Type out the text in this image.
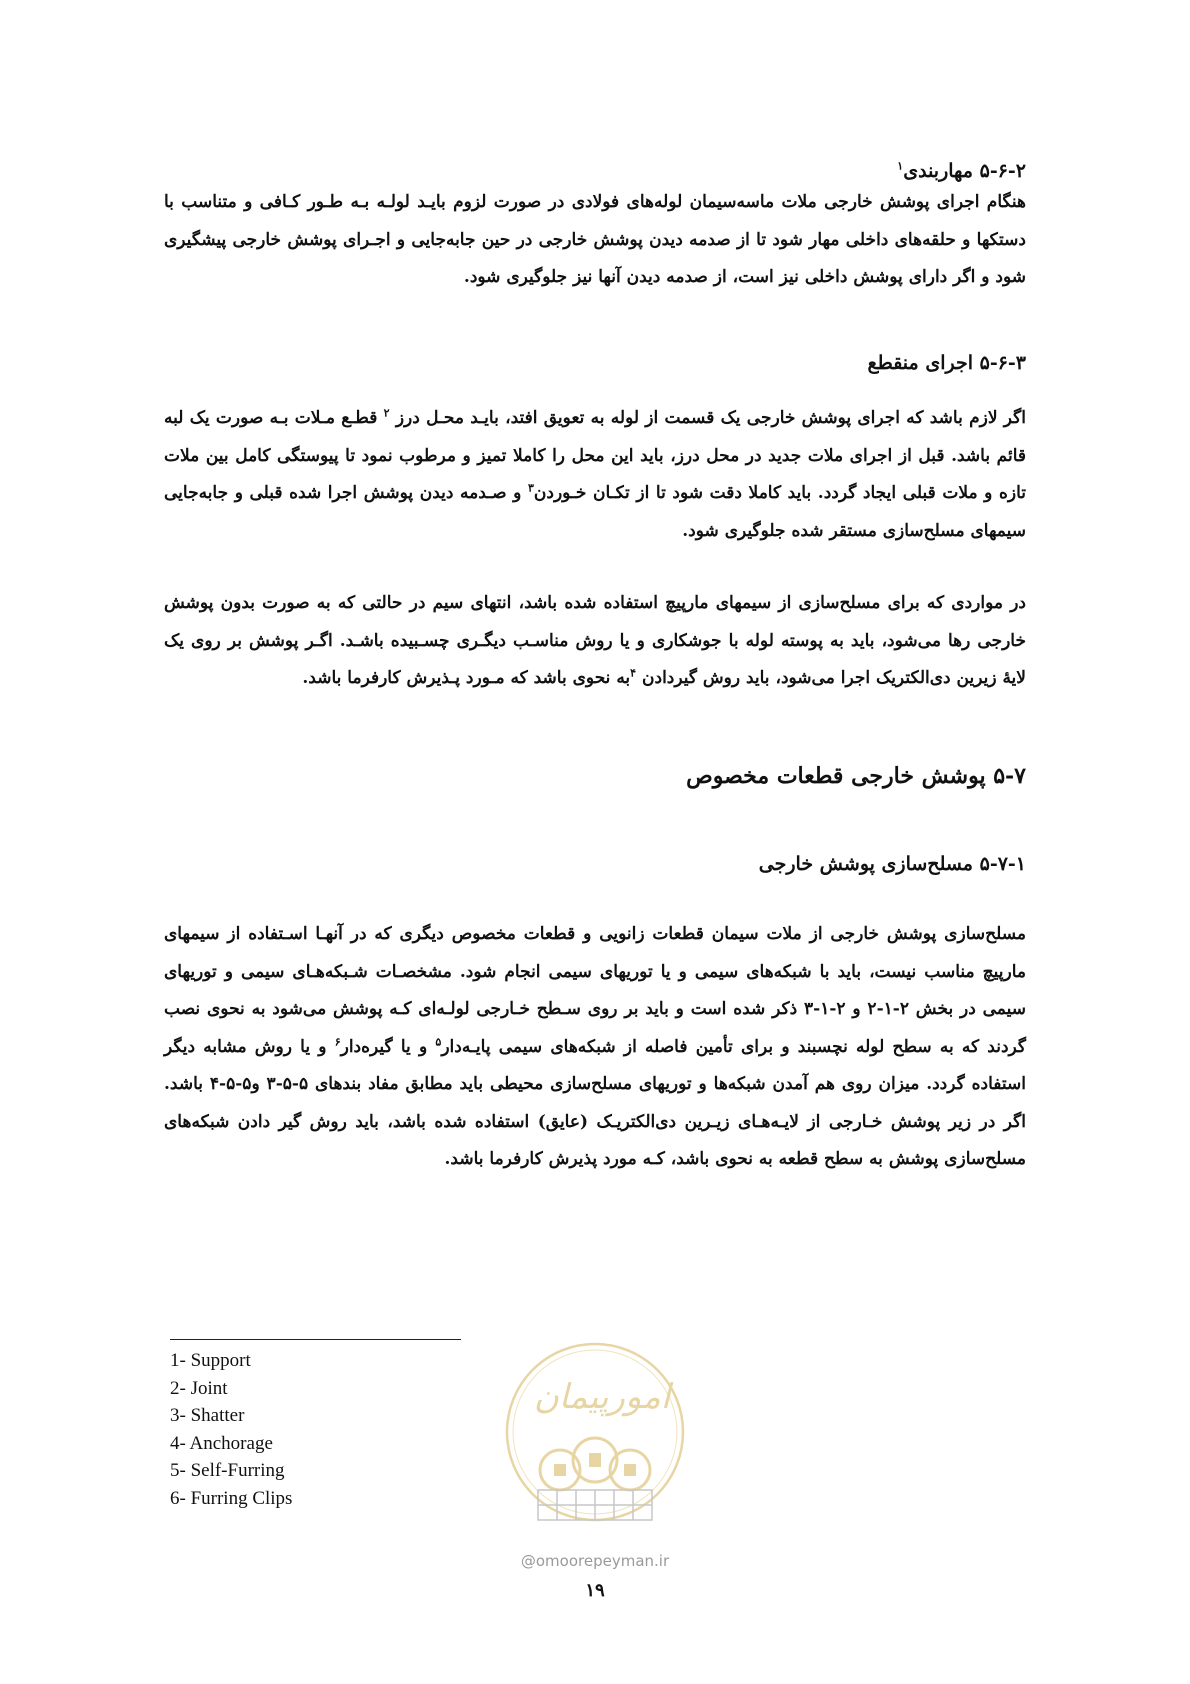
۵-۶-۲ مهاربندی$^۱$

هنگام اجرای پوشش خارجی ملات ماسه‌سیمان لوله‌های فولادی در صورت لزوم بایـد لولـه بـه طـور کـافی و متناسب با دستکها و حلقه‌های داخلی مهار شود تا از صدمه دیدن پوشش خارجی در حین جابه‌جایی و اجـرای پوشش خارجی پیشگیری شود و اگر دارای پوشش داخلی نیز است، از صدمه دیدن آنها نیز جلوگیری شود.

۵-۶-۳ اجرای منقطع

اگر لازم باشد که اجرای پوشش خارجی یک قسمت از لوله به تعویق افتد، بایـد محـل درز $^۲$ قطـع مـلات بـه صورت یک لبه قائم باشد. قبل از اجرای ملات جدید در محل درز، باید این محل را کاملا تمیز و مرطوب نمود تا پیوستگی کامل بین ملات تازه و ملات قبلی ایجاد گردد. باید کاملا دقت شود تا از تکـان خـوردن$^۳$ و صـدمه دیدن پوشش اجرا شده قبلی و جابه‌جایی سیمهای مسلح‌سازی مستقر شده جلوگیری شود.

در مواردی که برای مسلح‌سازی از سیمهای مارپیچ استفاده شده باشد، انتهای سیم در حالتی که به صورت بدون پوشش خارجی رها می‌شود، باید به پوسته لوله با جوشکاری و یا روش مناسـب دیگـری چسـبیده باشـد. اگـر پوشش بر روی یک لایهٔ زیرین دی‌الکتریک اجرا می‌شود، باید روش گیردادن $^۴$به نحوی باشد که مـورد پـذیرش کارفرما باشد.

۵-۷ پوشش خارجی قطعات مخصوص
۵-۷-۱ مسلح‌سازی پوشش خارجی

مسلح‌سازی پوشش خارجی از ملات سیمان قطعات زانویی و قطعات مخصوص دیگری که در آنهـا اسـتفاده از سیمهای مارپیچ مناسب نیست، باید با شبکه‌های سیمی و یا توریهای سیمی انجام شود. مشخصـات شـبکه‌هـای سیمی و توریهای سیمی در بخش ۲-۱-۲ و ۲-۱-۳ ذکر شده است و باید بر روی سـطح خـارجی لولـه‌ای کـه پوشش می‌شود به نحوی نصب گردند که به سطح لوله نچسبند و برای تأمین فاصله از شبکه‌های سیمی پایـه‌دار$^۵$ و یا گیره‌دار$^۶$ و یا روش مشابه دیگر استفاده گردد. میزان روی هم آمدن شبکه‌ها و توریهای مسلح‌سازی محیطی باید مطابق مفاد بندهای ۵-۵-۳ و۵-۵-۴ باشد. اگر در زیر پوشش خـارجی از لایـه‌هـای زیـرین دی‌الکتریـک (عایق) استفاده شده باشد، باید روش گیر دادن شبکه‌های مسلح‌سازی پوشش به سطح قطعه به نحوی باشد، کـه مورد پذیرش کارفرما باشد.

1- Support
2- Joint
3- Shatter
4- Anchorage
5- Self-Furring
6- Furring Clips
امورپیمان
@omoorepeyman.ir
۱۹
